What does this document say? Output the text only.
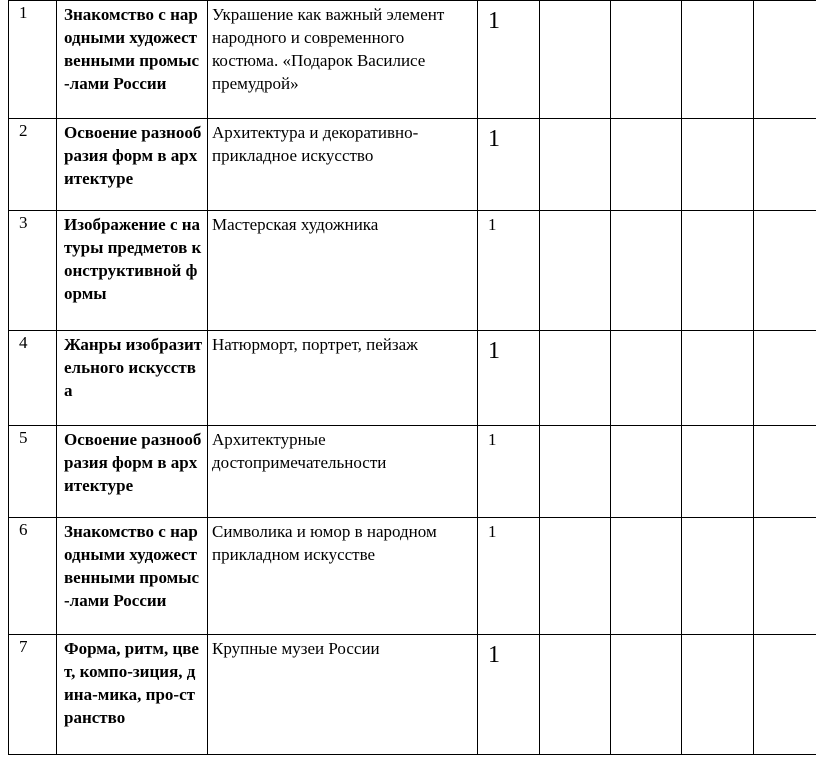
1	Знакомство с народными художественными промыс-лами России	Украшение как важный элемент народного и современного костюма. «Подарок Василисе премудрой»	1				
2	Освоение разнообразия форм в архитектуре	Архитектура и декоративно-прикладное искусство	1				
3	Изображение с натуры предметов конструктивной формы	Мастерская художника	1				
4	Жанры изобразительного искусства	Натюрморт, портрет, пейзаж	1				
5	Освоение разнообразия форм в архитектуре	Архитектурные достопримечательности	1				
6	Знакомство с народными художественными промыс-лами России	Символика и юмор в народном прикладном искусстве	1				
7	Форма, ритм, цвет, компо-зиция, дина-мика, про-странство	Крупные музеи России	1				
